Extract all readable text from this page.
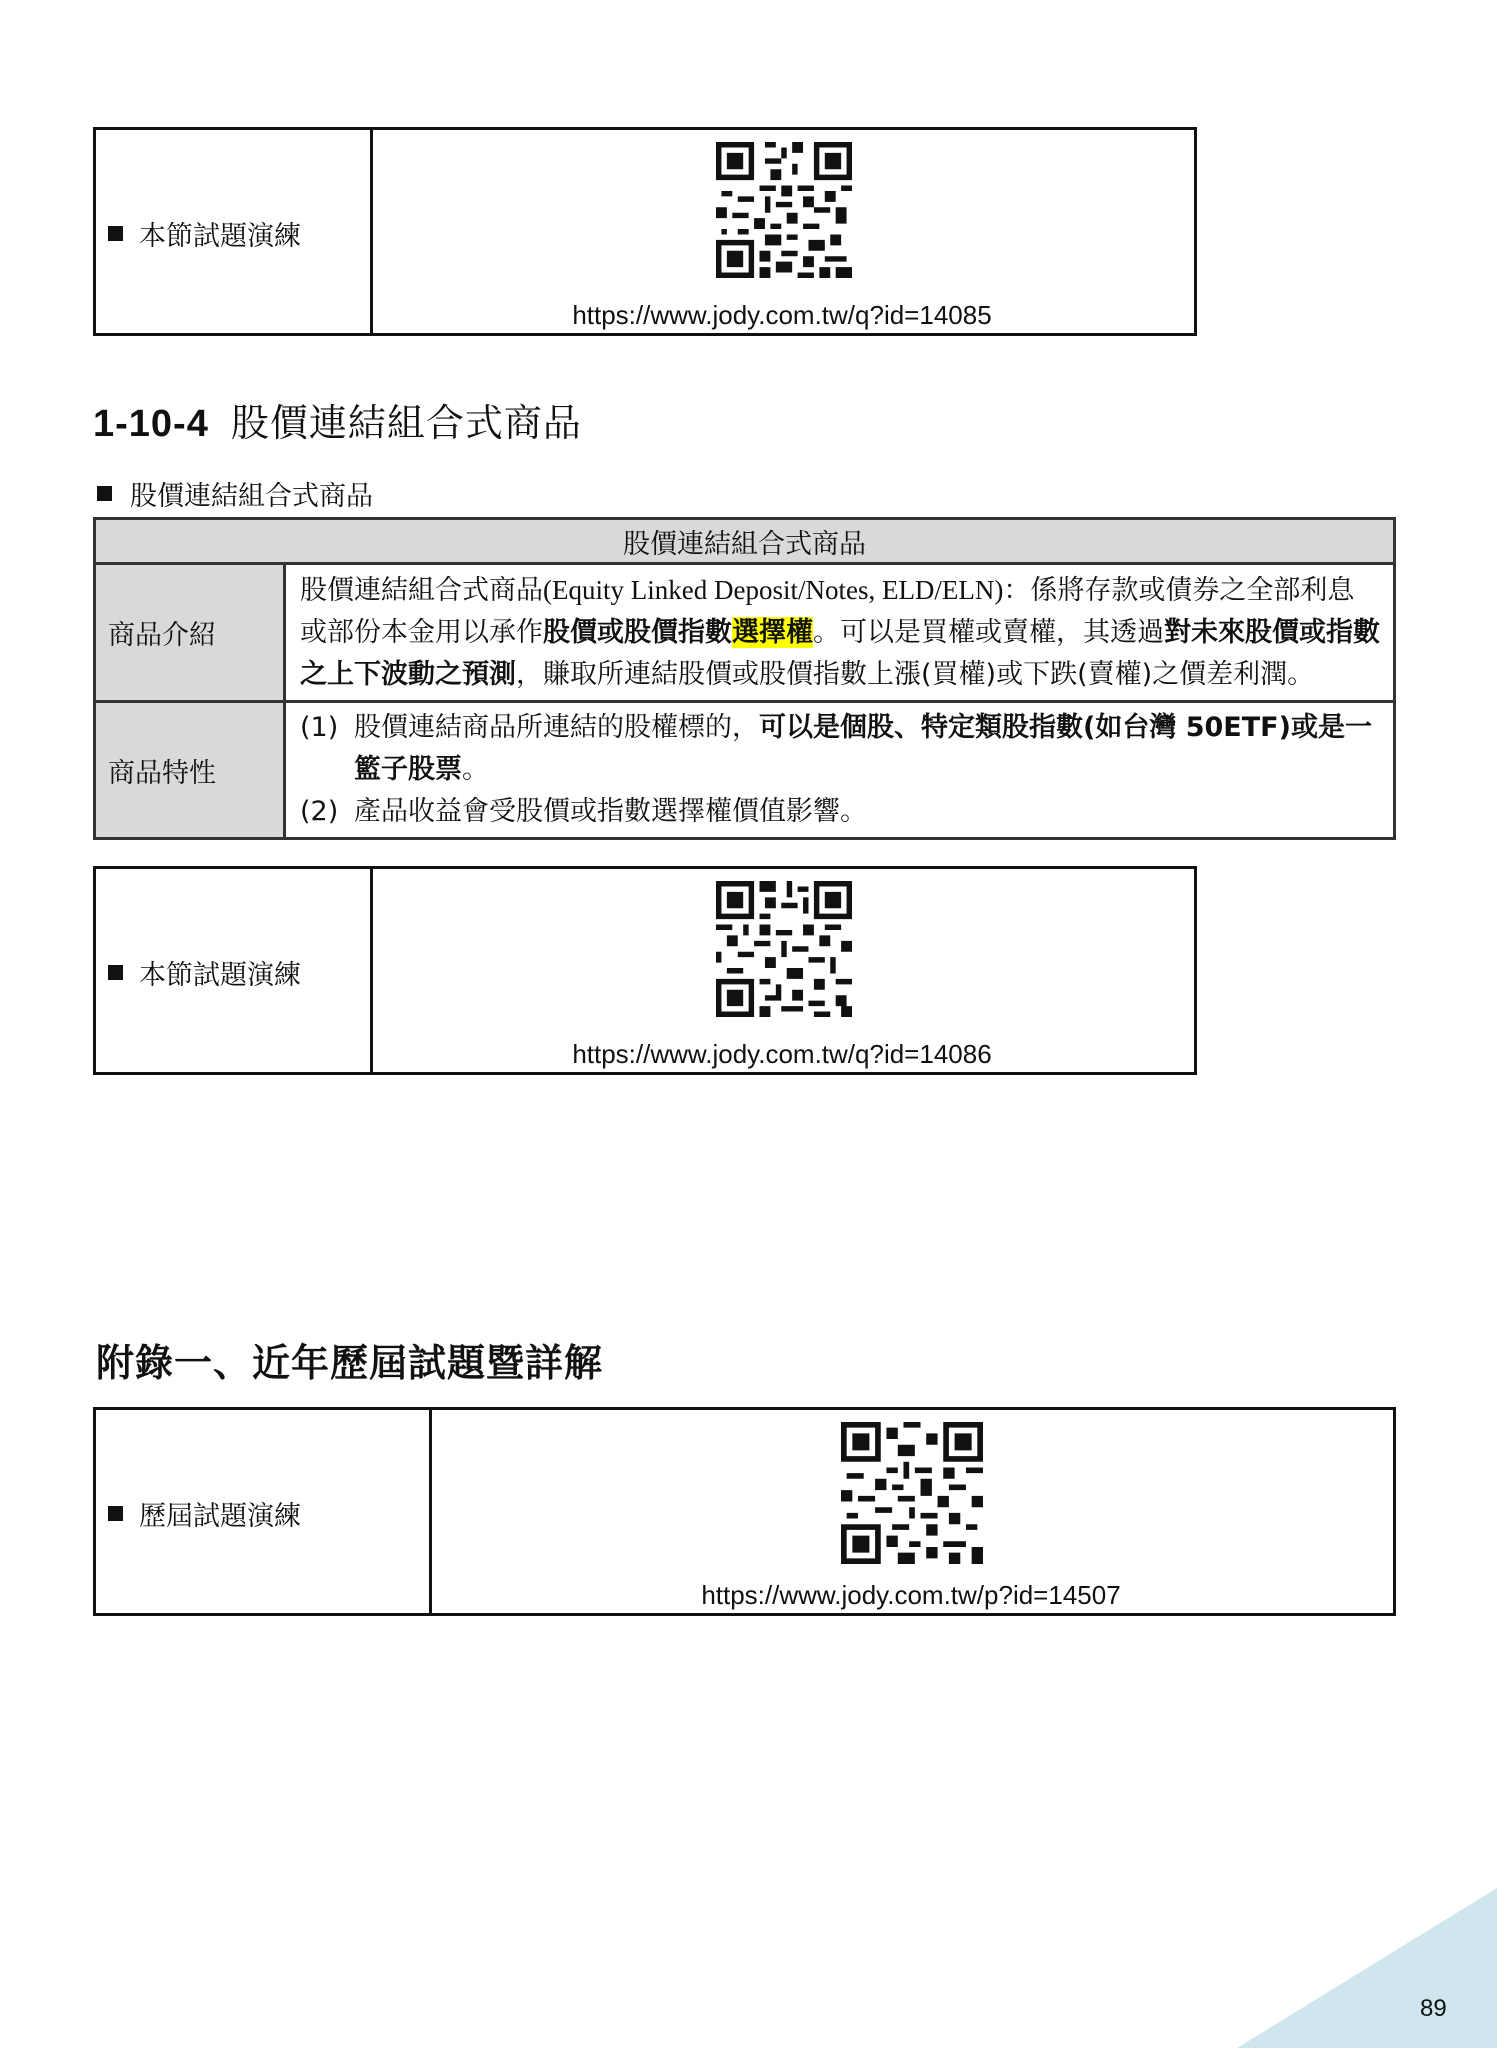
本節試題演練
https://www.jody.com.tw/q?id=14085
1-10-4 股價連結組合式商品
股價連結組合式商品
股價連結組合式商品	
商品介紹	股價連結組合式商品(Equity Linked Deposit/Notes, ELD/ELN)：係將存款或債券之全部利息或部份本金用以承作股價或股價指數選擇權。可以是買權或賣權，其透過對未來股價或指數之上下波動之預測，賺取所連結股價或股價指數上漲(買權)或下跌(賣權)之價差利潤。
商品特性	(1) 股價連結商品所連結的股權標的，可以是個股、特定類股指數(如台灣 50ETF)或是一籃子股票。
(2) 產品收益會受股價或指數選擇權價值影響。
本節試題演練
https://www.jody.com.tw/q?id=14086
附錄一、近年歷屆試題暨詳解
歷屆試題演練
https://www.jody.com.tw/p?id=14507
89
